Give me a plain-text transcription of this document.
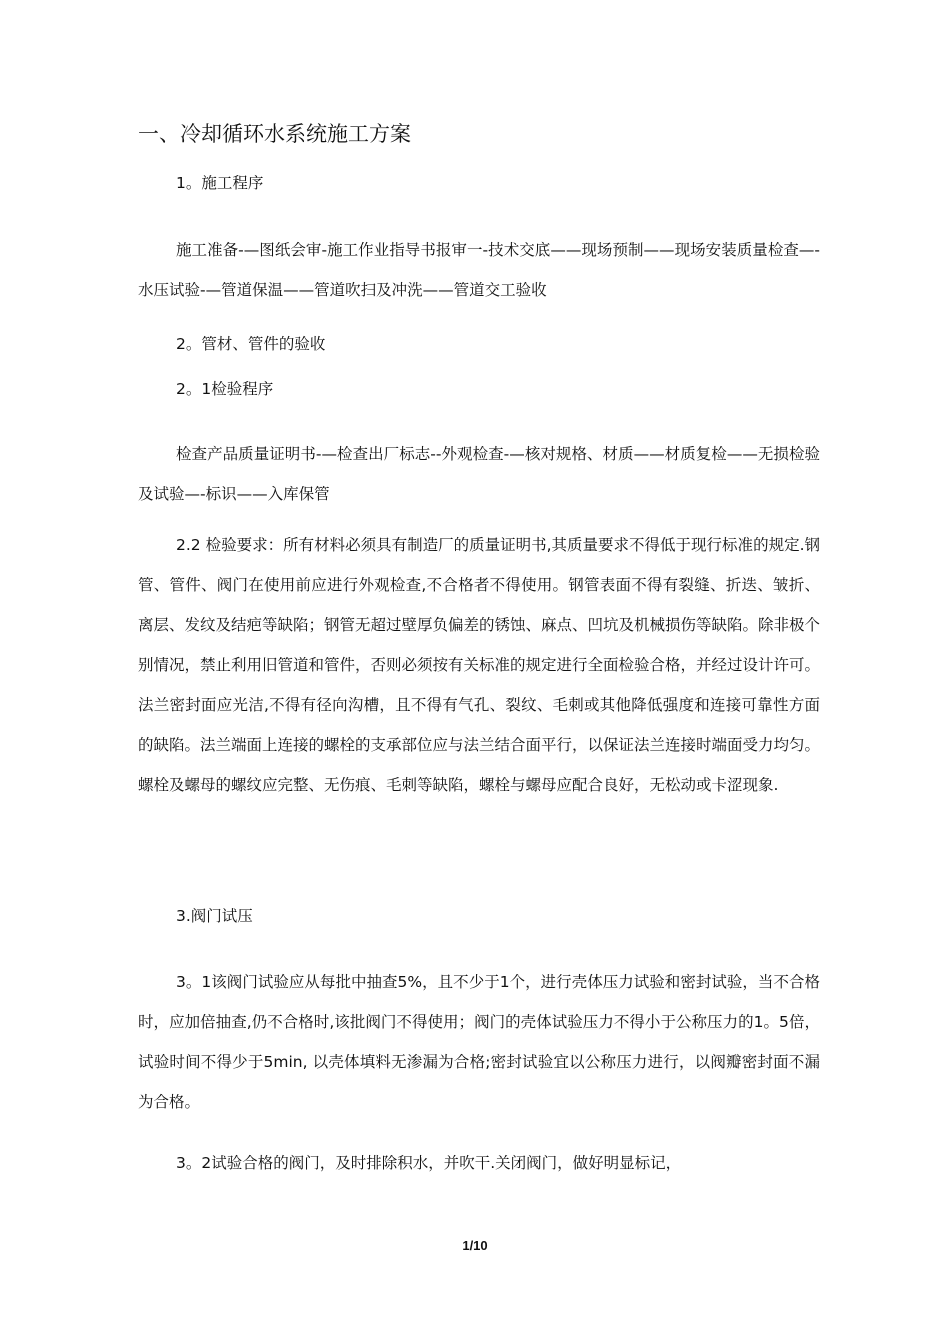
一、冷却循环水系统施工方案

1。施工程序

施工准备-—图纸会审-施工作业指导书报审一-技术交底——现场预制——现场安装质量检查—-水压试验-—管道保温——管道吹扫及冲洗——管道交工验收

2。管材、管件的验收

2。1检验程序

检查产品质量证明书-—检查出厂标志--外观检查-—核对规格、材质——材质复检——无损检验及试验—-标识——入库保管

2.2 检验要求：所有材料必须具有制造厂的质量证明书,其质量要求不得低于现行标准的规定.钢管、管件、阀门在使用前应进行外观检查,不合格者不得使用。钢管表面不得有裂缝、折迭、皱折、离层、发纹及结疤等缺陷；钢管无超过壁厚负偏差的锈蚀、麻点、凹坑及机械损伤等缺陷。除非极个别情况，禁止利用旧管道和管件，否则必须按有关标准的规定进行全面检验合格，并经过设计许可。法兰密封面应光洁,不得有径向沟槽，且不得有气孔、裂纹、毛刺或其他降低强度和连接可靠性方面的缺陷。法兰端面上连接的螺栓的支承部位应与法兰结合面平行，以保证法兰连接时端面受力均匀。螺栓及螺母的螺纹应完整、无伤痕、毛刺等缺陷，螺栓与螺母应配合良好，无松动或卡涩现象.

3.阀门试压

3。1该阀门试验应从每批中抽查5%，且不少于1个，进行壳体压力试验和密封试验，当不合格时，应加倍抽查,仍不合格时,该批阀门不得使用；阀门的壳体试验压力不得小于公称压力的1。5倍，试验时间不得少于5min, 以壳体填料无渗漏为合格;密封试验宜以公称压力进行，以阀瓣密封面不漏为合格。

3。2试验合格的阀门，及时排除积水，并吹干.关闭阀门，做好明显标记，

1/10
